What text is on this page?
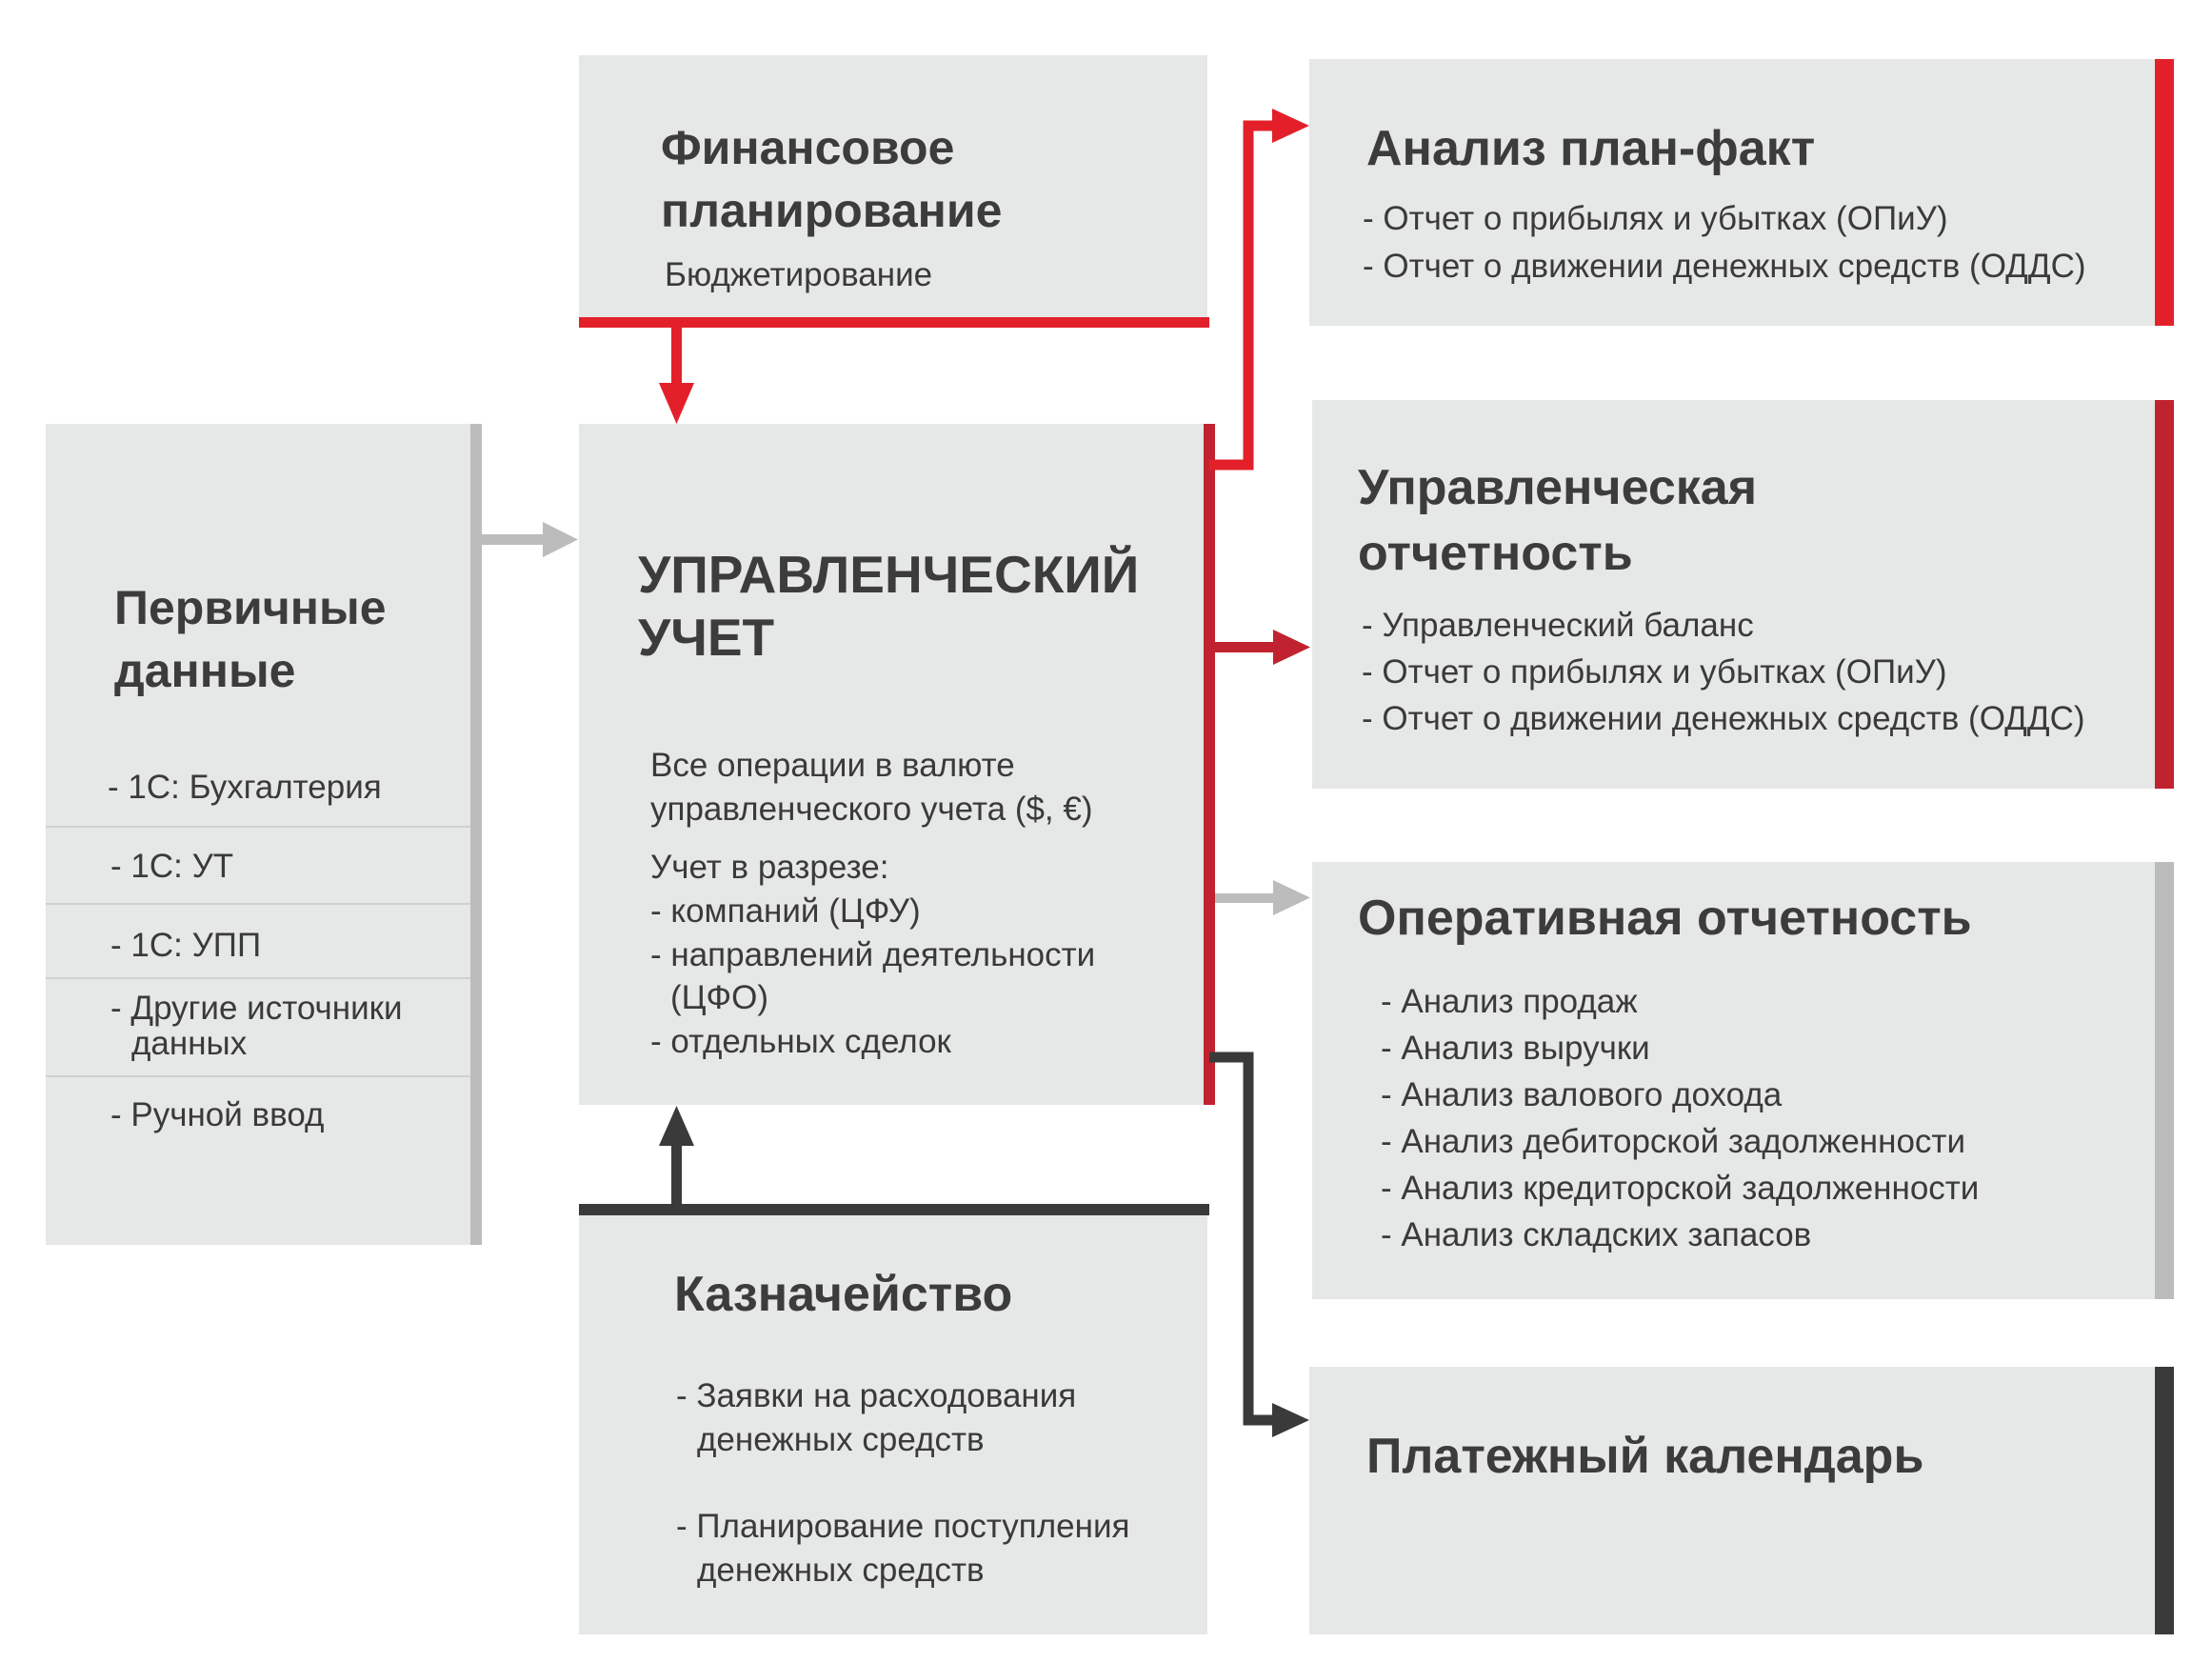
Первичные
данные
- 1С: Бухгалтерия
- 1С: УТ
- 1С: УПП
- Другие источники
данных
- Ручной ввод
Финансовое
планирование
Бюджетирование
УПРАВЛЕНЧЕСКИЙ
УЧЕТ
Все операции в валюте
управленческого учета ($, €)
Учет в разрезе:
- компаний (ЦФУ)
- направлений деятельности
(ЦФО)
- отдельных сделок
Казначейство
- Заявки на расходования
денежных средств
- Планирование поступления
денежных средств
Анализ план-факт
- Отчет о прибылях и убытках (ОПиУ)
- Отчет о движении денежных средств (ОДДС)
Управленческая
отчетность
- Управленческий баланс
- Отчет о прибылях и убытках (ОПиУ)
- Отчет о движении денежных средств (ОДДС)
Оперативная отчетность
- Анализ продаж
- Анализ выручки
- Анализ валового дохода
- Анализ дебиторской задолженности
- Анализ кредиторской задолженности
- Анализ складских запасов
Платежный календарь
